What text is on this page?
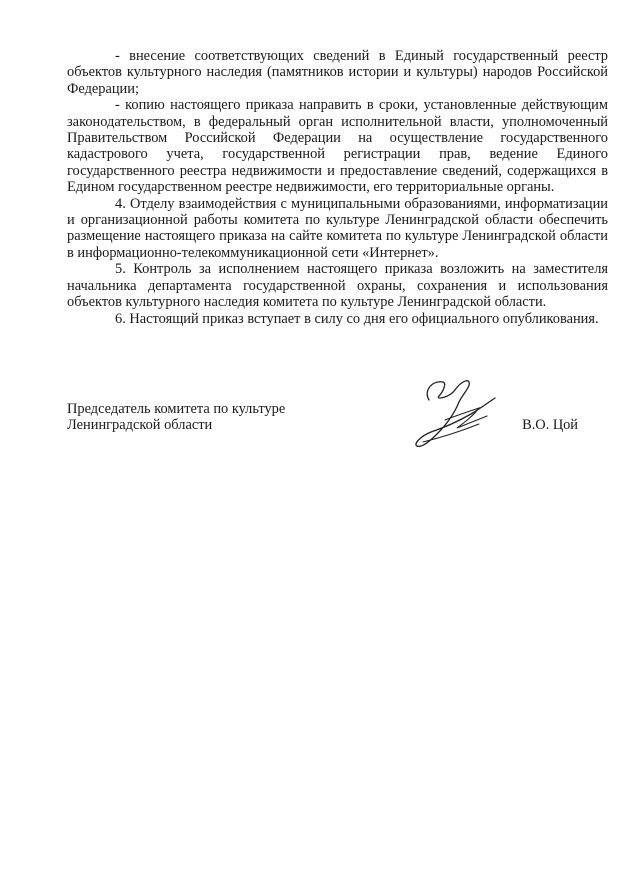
- внесение соответствующих сведений в Единый государственный реестр объектов культурного наследия (памятников истории и культуры) народов Российской Федерации;

- копию настоящего приказа направить в сроки, установленные действующим законодательством, в федеральный орган исполнительной власти, уполномоченный Правительством Российской Федерации на осуществление государственного кадастрового учета, государственной регистрации прав, ведение Единого государственного реестра недвижимости и предоставление сведений, содержащихся в Едином государственном реестре недвижимости, его территориальные органы.

4. Отделу взаимодействия с муниципальными образованиями, информатизации и организационной работы комитета по культуре Ленинградской области обеспечить размещение настоящего приказа на сайте комитета по культуре Ленинградской области в информационно-телекоммуникационной сети «Интернет».

5. Контроль за исполнением настоящего приказа возложить на заместителя начальника департамента государственной охраны, сохранения и использования объектов культурного наследия комитета по культуре Ленинградской области.

6. Настоящий приказ вступает в силу со дня его официального опубликования.

Председатель комитета по культуре
Ленинградской области	В.О. Цой
